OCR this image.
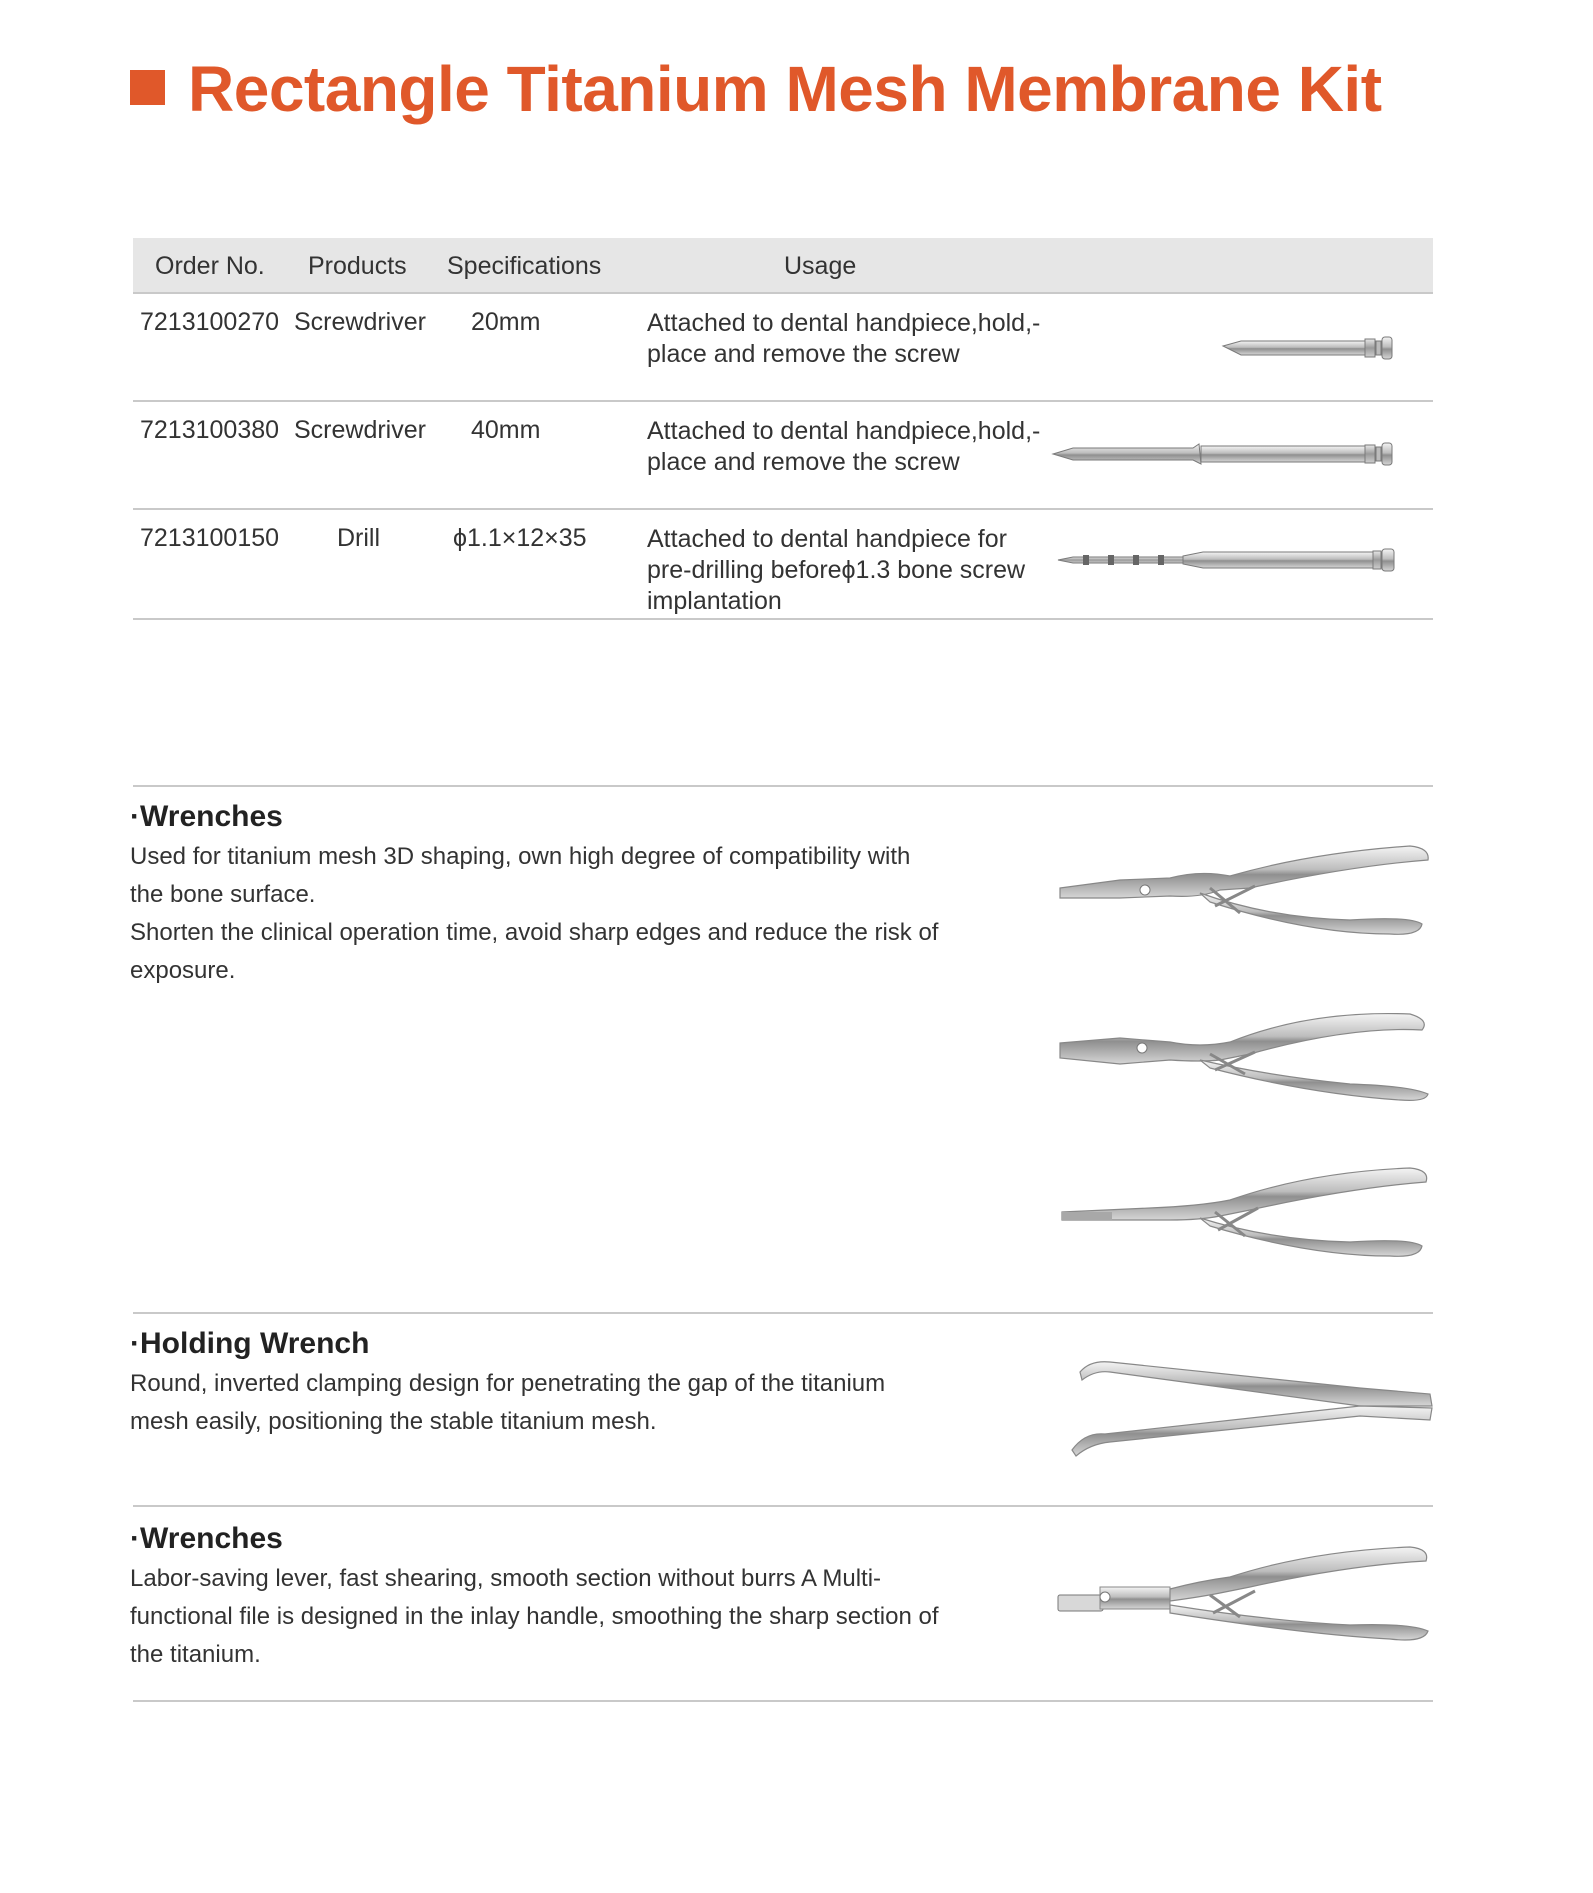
Rectangle Titanium Mesh Membrane Kit
Order No. Products Specifications	Usage
7213100270 Screwdriver 20mm	Attached to dental handpiece,hold,-place and remove the screw
7213100380 Screwdriver 40mm	Attached to dental handpiece,hold,-place and remove the screw
7213100150 Drill	ϕ1.1×12×35 Attached to dental handpiece for pre-drilling beforeϕ1.3 bone screw implantation
·Wrenches

Used for titanium mesh 3D shaping, own high degree of compatibility with the bone surface.

Shorten the clinical operation time, avoid sharp edges and reduce the risk of exposure.

·Holding Wrench

Round, inverted clamping design for penetrating the gap of the titanium mesh easily, positioning the stable titanium mesh.

·Wrenches

Labor-saving lever, fast shearing, smooth section without burrs A Multi-functional file is designed in the inlay handle, smoothing the sharp section of the titanium.
